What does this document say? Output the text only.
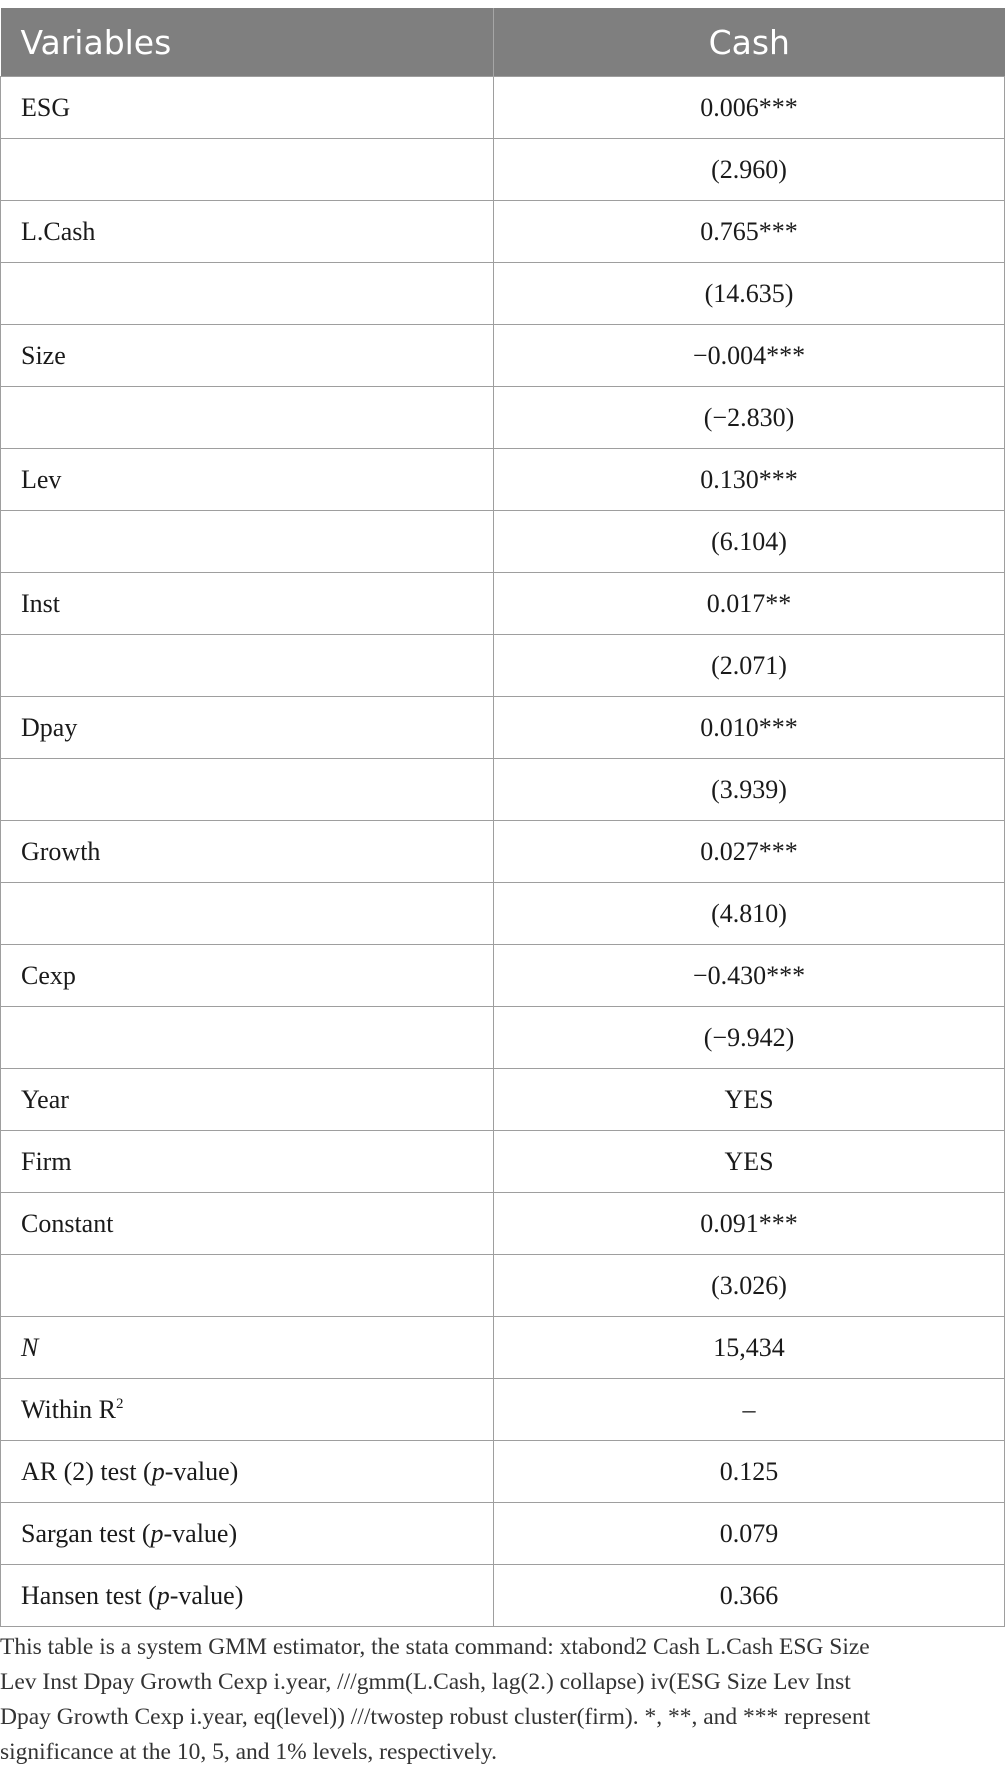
Variables	Cash
ESG	0.006***
	(2.960)
L.Cash	0.765***
	(14.635)
Size	−0.004***
	(−2.830)
Lev	0.130***
	(6.104)
Inst	0.017**
	(2.071)
Dpay	0.010***
	(3.939)
Growth	0.027***
	(4.810)
Cexp	−0.430***
	(−9.942)
Year	YES
Firm	YES
Constant	0.091***
	(3.026)
N	15,434
Within $R^2$	–
AR (2) test (p-value)	0.125
Sargan test (p-value)	0.079
Hansen test (p-value)	0.366
This table is a system GMM estimator, the stata command: xtabond2 Cash L.Cash ESG Size
Lev Inst Dpay Growth Cexp i.year, ///gmm(L.Cash, lag(2.) collapse) iv(ESG Size Lev Inst
Dpay Growth Cexp i.year, eq(level)) ///twostep robust cluster(firm). *, **, and *** represent
significance at the 10, 5, and 1% levels, respectively.
